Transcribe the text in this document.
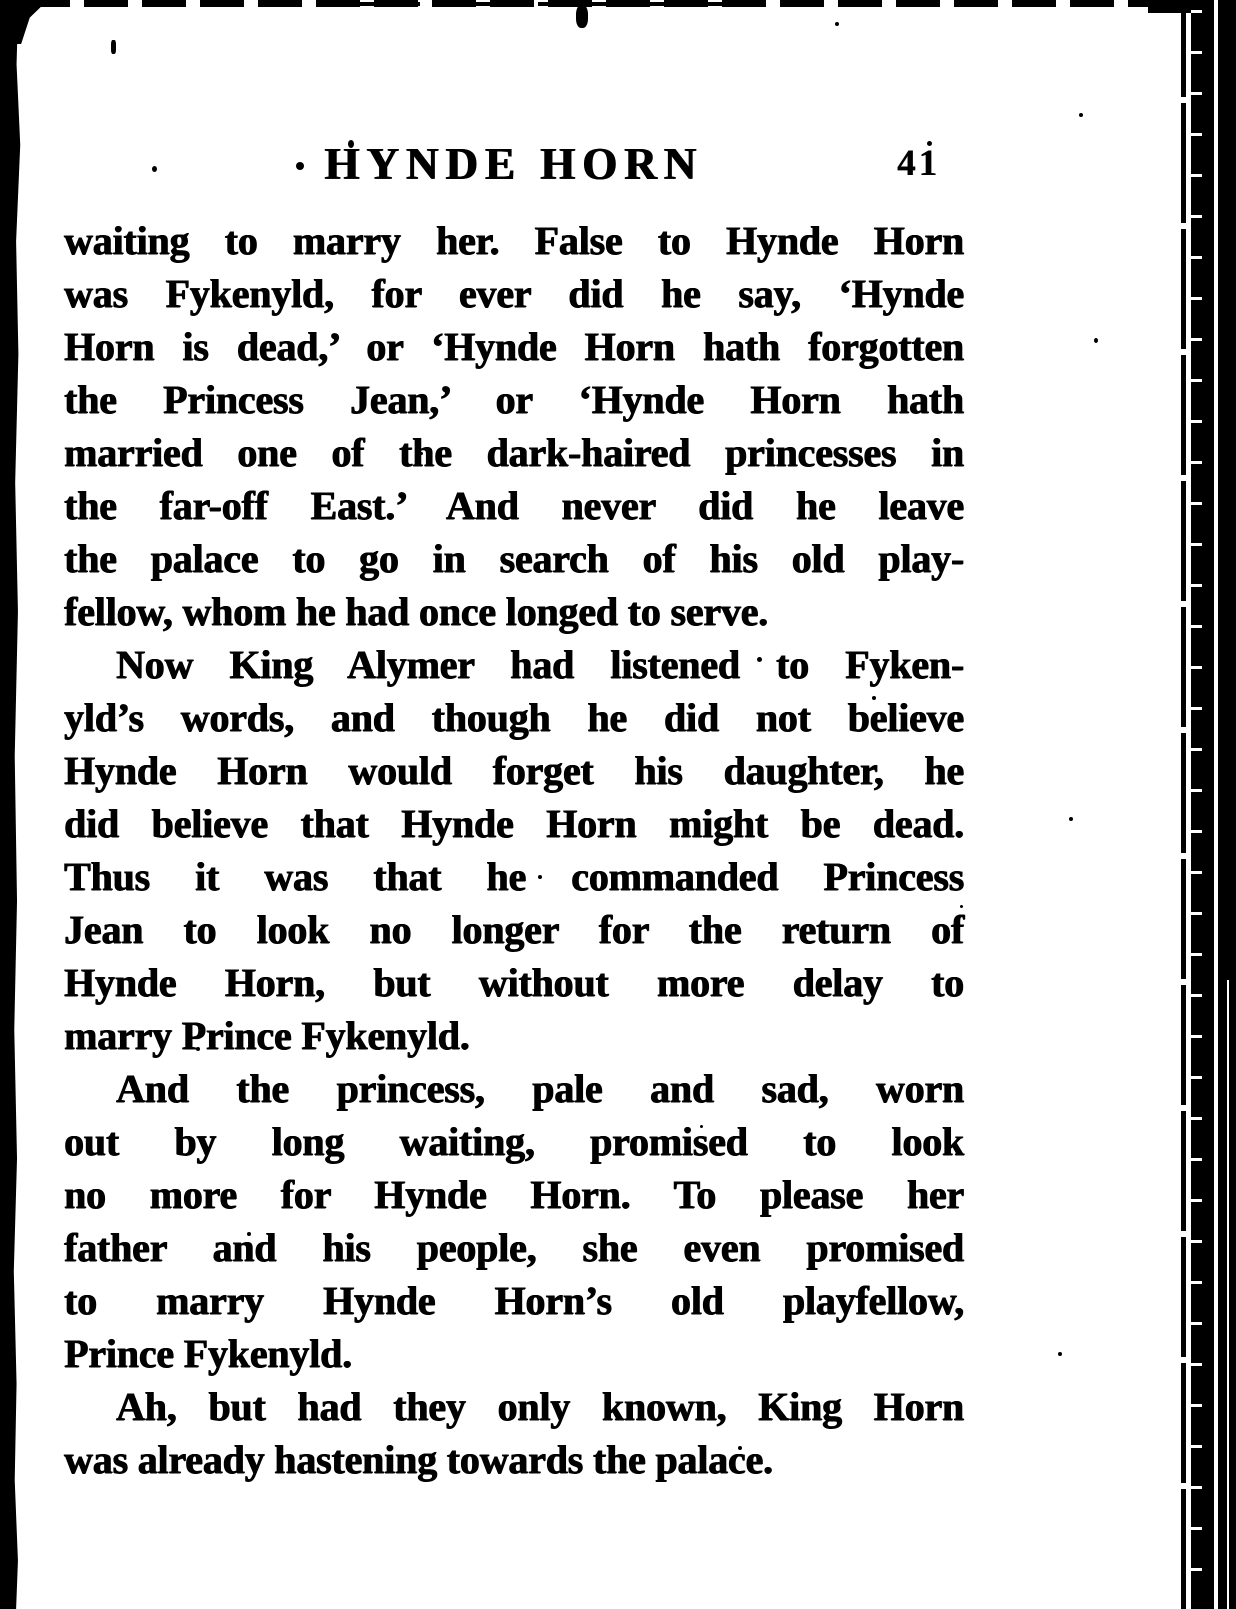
HYNDE HORN	41
waiting to marry her. False to Hynde Horn
was Fykenyld, for ever did he say, ‘Hynde
Horn is dead,’ or ‘Hynde Horn hath forgotten
the Princess Jean,’ or ‘Hynde Horn hath
married one of the dark-haired princesses in
the far-off East.’ And never did he leave
the palace to go in search of his old play-
fellow, whom he had once longed to serve.
Now King Alymer had listened to Fyken-
yld’s words, and though he did not believe
Hynde Horn would forget his daughter, he
did believe that Hynde Horn might be dead.
Thus it was that he commanded Princess
Jean to look no longer for the return of
Hynde Horn, but without more delay to
marry Prince Fykenyld.
And the princess, pale and sad, worn
out by long waiting, promised to look
no more for Hynde Horn. To please her
father and his people, she even promised
to marry Hynde Horn’s old playfellow,
Prince Fykenyld.
Ah, but had they only known, King Horn
was already hastening towards the palace.
